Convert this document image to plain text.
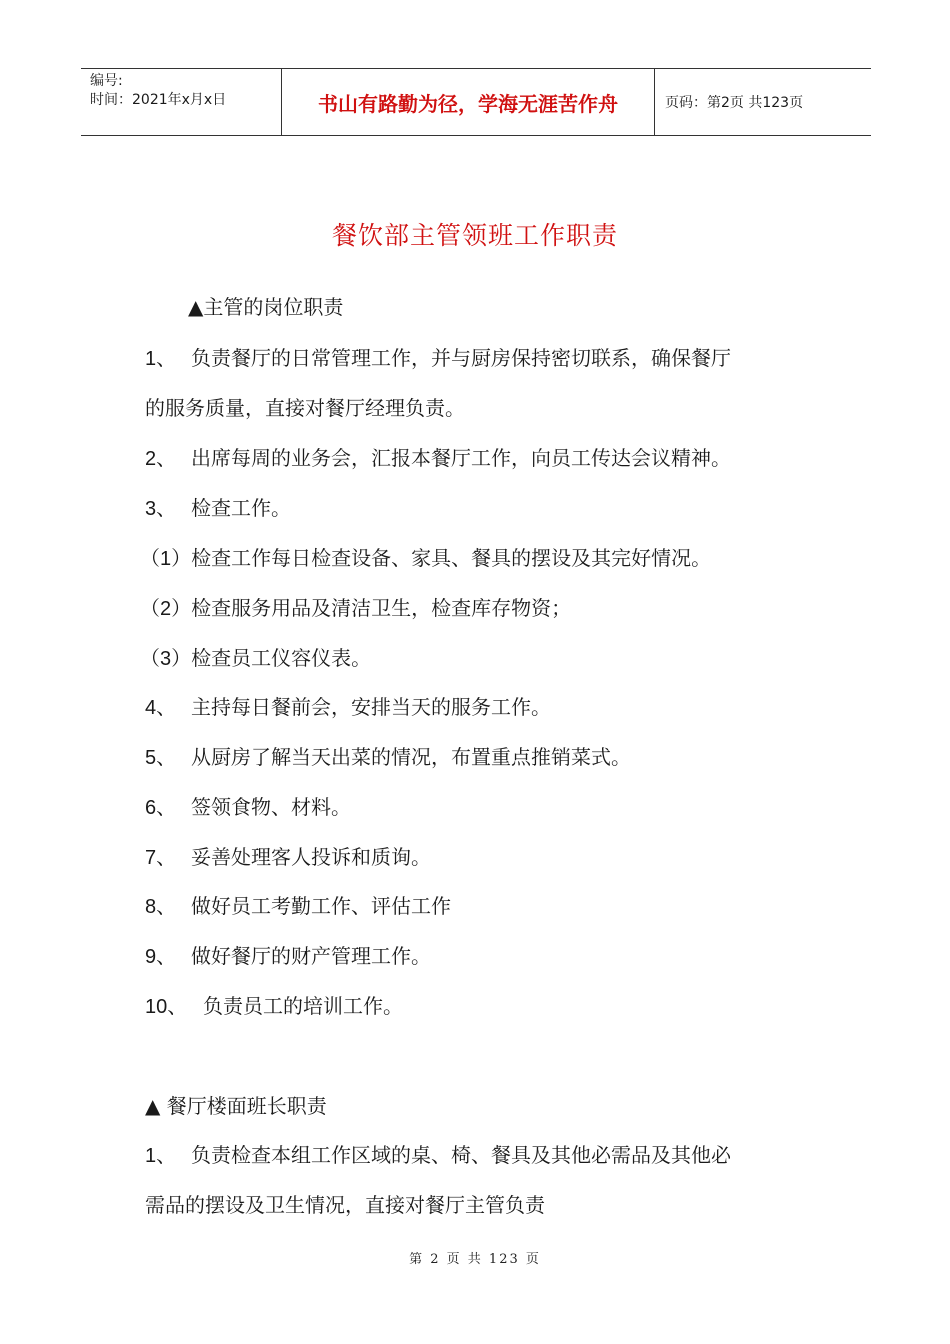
编号:
时间：2021年x月x日	书山有路勤为径，学海无涯苦作舟	页码：第2页 共123页
餐饮部主管领班工作职责
▲主管的岗位职责
1、 负责餐厅的日常管理工作，并与厨房保持密切联系，确保餐厅
的服务质量，直接对餐厅经理负责。
2、 出席每周的业务会，汇报本餐厅工作，向员工传达会议精神。
3、 检查工作。
（1）检查工作每日检查设备、家具、餐具的摆设及其完好情况。
（2）检查服务用品及清洁卫生，检查库存物资；
（3）检查员工仪容仪表。
4、 主持每日餐前会，安排当天的服务工作。
5、 从厨房了解当天出菜的情况，布置重点推销菜式。
6、 签领食物、材料。
7、 妥善处理客人投诉和质询。
8、 做好员工考勤工作、评估工作
9、 做好餐厅的财产管理工作。
10、 负责员工的培训工作。
▲ 餐厅楼面班长职责
1、 负责检查本组工作区域的桌、椅、餐具及其他必需品及其他必
需品的摆设及卫生情况，直接对餐厅主管负责
第 2 页 共 123 页
